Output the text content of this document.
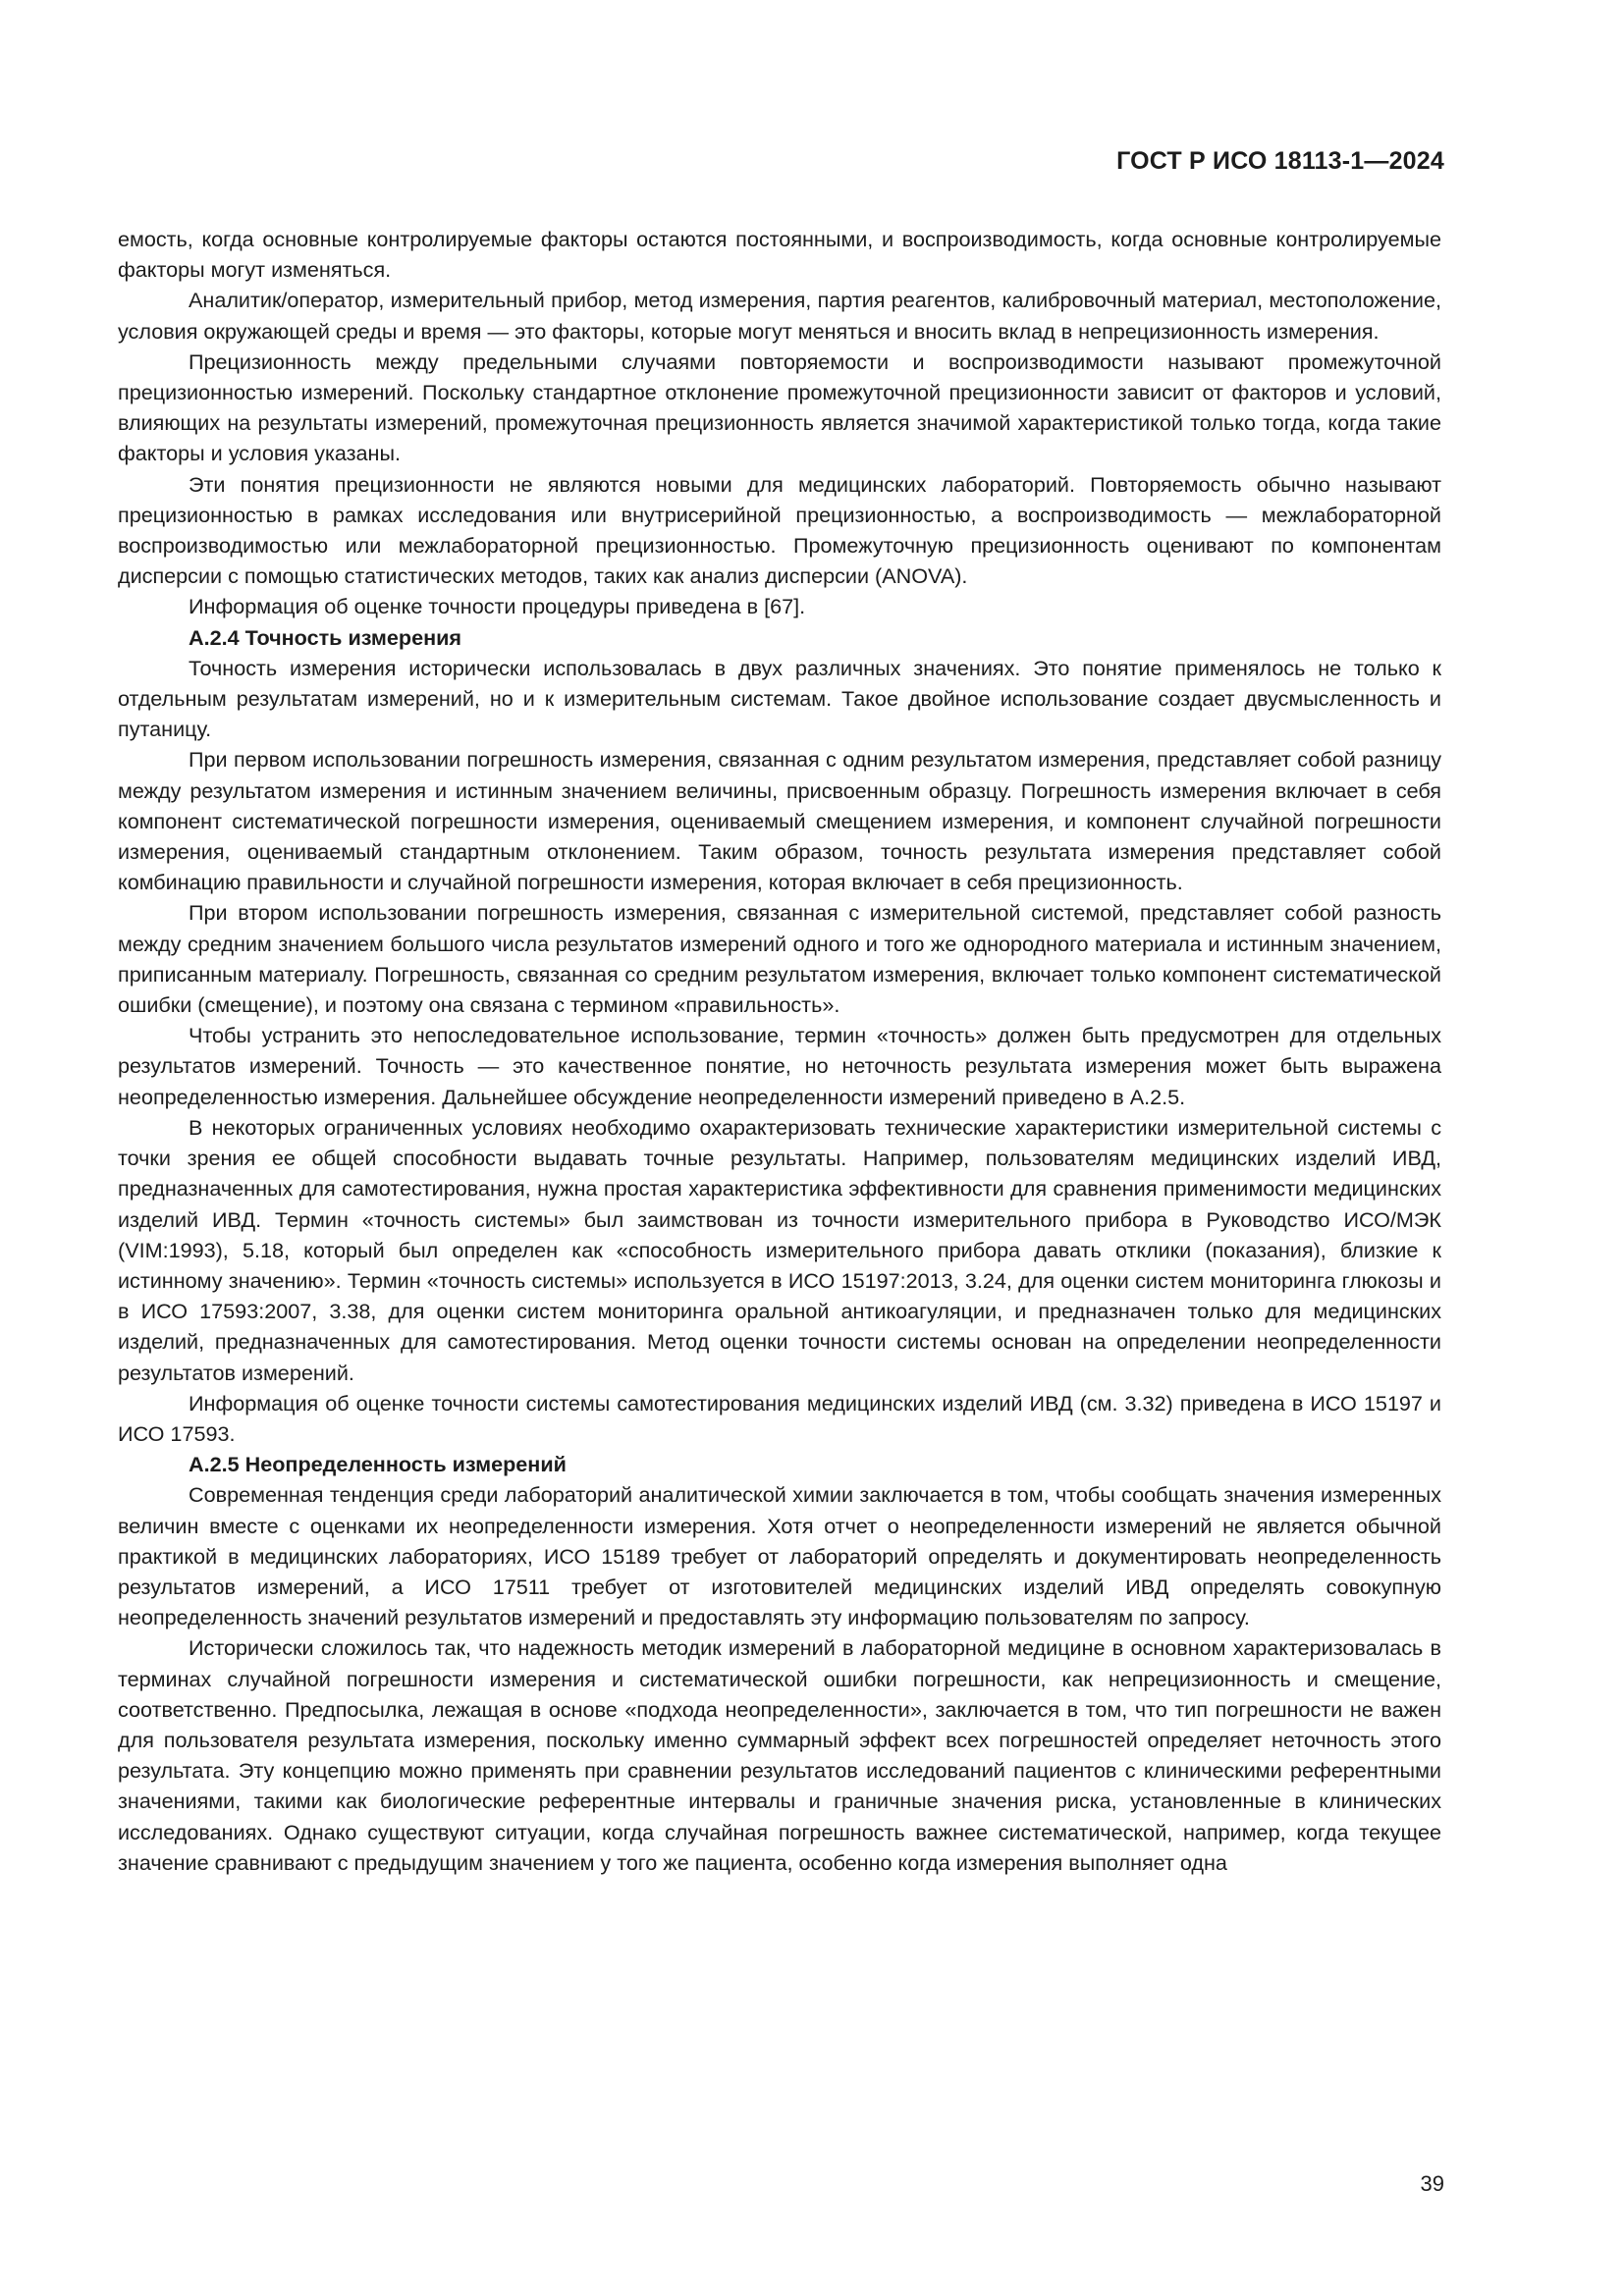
ГОСТ Р ИСО 18113-1—2024

емость, когда основные контролируемые факторы остаются постоянными, и воспроизводимость, когда основные контролируемые факторы могут изменяться.

Аналитик/оператор, измерительный прибор, метод измерения, партия реагентов, калибровочный материал, местоположение, условия окружающей среды и время — это факторы, которые могут меняться и вносить вклад в непрецизионность измерения.

Прецизионность между предельными случаями повторяемости и воспроизводимости называют промежуточной прецизионностью измерений. Поскольку стандартное отклонение промежуточной прецизионности зависит от факторов и условий, влияющих на результаты измерений, промежуточная прецизионность является значимой характеристикой только тогда, когда такие факторы и условия указаны.

Эти понятия прецизионности не являются новыми для медицинских лабораторий. Повторяемость обычно называют прецизионностью в рамках исследования или внутрисерийной прецизионностью, а воспроизводимость — межлабораторной воспроизводимостью или межлабораторной прецизионностью. Промежуточную прецизионность оценивают по компонентам дисперсии с помощью статистических методов, таких как анализ дисперсии (ANOVA).

Информация об оценке точности процедуры приведена в [67].

А.2.4 Точность измерения

Точность измерения исторически использовалась в двух различных значениях. Это понятие применялось не только к отдельным результатам измерений, но и к измерительным системам. Такое двойное использование создает двусмысленность и путаницу.

При первом использовании погрешность измерения, связанная с одним результатом измерения, представляет собой разницу между результатом измерения и истинным значением величины, присвоенным образцу. Погрешность измерения включает в себя компонент систематической погрешности измерения, оцениваемый смещением измерения, и компонент случайной погрешности измерения, оцениваемый стандартным отклонением. Таким образом, точность результата измерения представляет собой комбинацию правильности и случайной погрешности измерения, которая включает в себя прецизионность.

При втором использовании погрешность измерения, связанная с измерительной системой, представляет собой разность между средним значением большого числа результатов измерений одного и того же однородного материала и истинным значением, приписанным материалу. Погрешность, связанная со средним результатом измерения, включает только компонент систематической ошибки (смещение), и поэтому она связана с термином «правильность».

Чтобы устранить это непоследовательное использование, термин «точность» должен быть предусмотрен для отдельных результатов измерений. Точность — это качественное понятие, но неточность результата измерения может быть выражена неопределенностью измерения. Дальнейшее обсуждение неопределенности измерений приведено в А.2.5.

В некоторых ограниченных условиях необходимо охарактеризовать технические характеристики измерительной системы с точки зрения ее общей способности выдавать точные результаты. Например, пользователям медицинских изделий ИВД, предназначенных для самотестирования, нужна простая характеристика эффективности для сравнения применимости медицинских изделий ИВД. Термин «точность системы» был заимствован из точности измерительного прибора в Руководство ИСО/МЭК (VIM:1993), 5.18, который был определен как «способность измерительного прибора давать отклики (показания), близкие к истинному значению». Термин «точность системы» используется в ИСО 15197:2013, 3.24, для оценки систем мониторинга глюкозы и в ИСО 17593:2007, 3.38, для оценки систем мониторинга оральной антикоагуляции, и предназначен только для медицинских изделий, предназначенных для самотестирования. Метод оценки точности системы основан на определении неопределенности результатов измерений.

Информация об оценке точности системы самотестирования медицинских изделий ИВД (см. 3.32) приведена в ИСО 15197 и ИСО 17593.

А.2.5 Неопределенность измерений

Современная тенденция среди лабораторий аналитической химии заключается в том, чтобы сообщать значения измеренных величин вместе с оценками их неопределенности измерения. Хотя отчет о неопределенности измерений не является обычной практикой в медицинских лабораториях, ИСО 15189 требует от лабораторий определять и документировать неопределенность результатов измерений, а ИСО 17511 требует от изготовителей медицинских изделий ИВД определять совокупную неопределенность значений результатов измерений и предоставлять эту информацию пользователям по запросу.

Исторически сложилось так, что надежность методик измерений в лабораторной медицине в основном характеризовалась в терминах случайной погрешности измерения и систематической ошибки погрешности, как непрецизионность и смещение, соответственно. Предпосылка, лежащая в основе «подхода неопределенности», заключается в том, что тип погрешности не важен для пользователя результата измерения, поскольку именно суммарный эффект всех погрешностей определяет неточность этого результата. Эту концепцию можно применять при сравнении результатов исследований пациентов с клиническими референтными значениями, такими как биологические референтные интервалы и граничные значения риска, установленные в клинических исследованиях. Однако существуют ситуации, когда случайная погрешность важнее систематической, например, когда текущее значение сравнивают с предыдущим значением у того же пациента, особенно когда измерения выполняет одна

39
